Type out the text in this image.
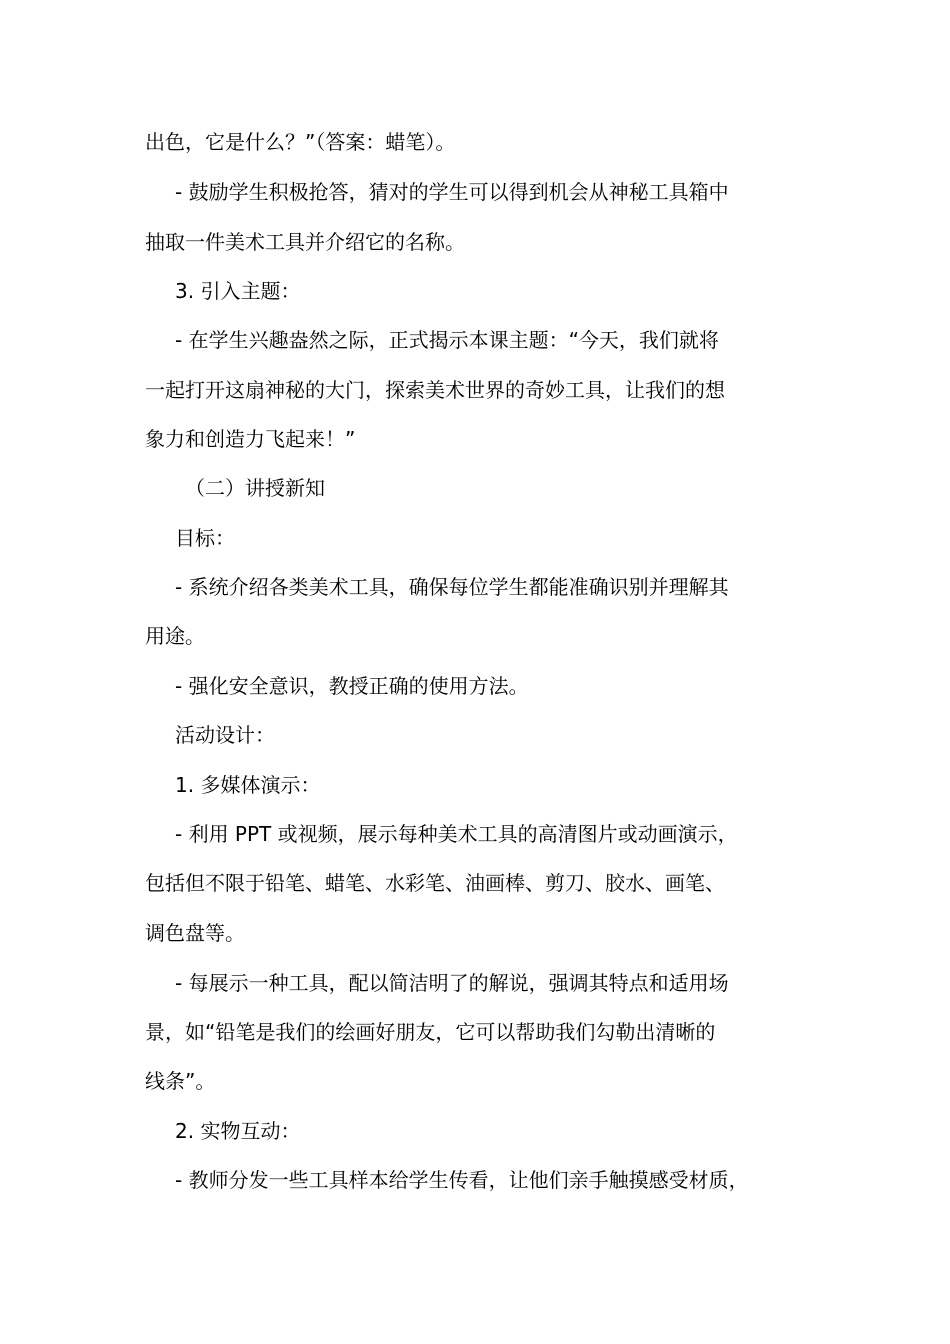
出色，它是什么？”（答案：蜡笔）。
- 鼓励学生积极抢答，猜对的学生可以得到机会从神秘工具箱中
抽取一件美术工具并介绍它的名称。
3. 引入主题：
- 在学生兴趣盎然之际，正式揭示本课主题：“今天，我们就将
一起打开这扇神秘的大门，探索美术世界的奇妙工具，让我们的想
象力和创造力飞起来！”
（二）讲授新知
目标：
- 系统介绍各类美术工具，确保每位学生都能准确识别并理解其
用途。
- 强化安全意识，教授正确的使用方法。
活动设计：
1. 多媒体演示：
- 利用 PPT 或视频，展示每种美术工具的高清图片或动画演示，
包括但不限于铅笔、蜡笔、水彩笔、油画棒、剪刀、胶水、画笔、
调色盘等。
- 每展示一种工具，配以简洁明了的解说，强调其特点和适用场
景，如“铅笔是我们的绘画好朋友，它可以帮助我们勾勒出清晰的
线条”。
2. 实物互动：
- 教师分发一些工具样本给学生传看，让他们亲手触摸感受材质，
